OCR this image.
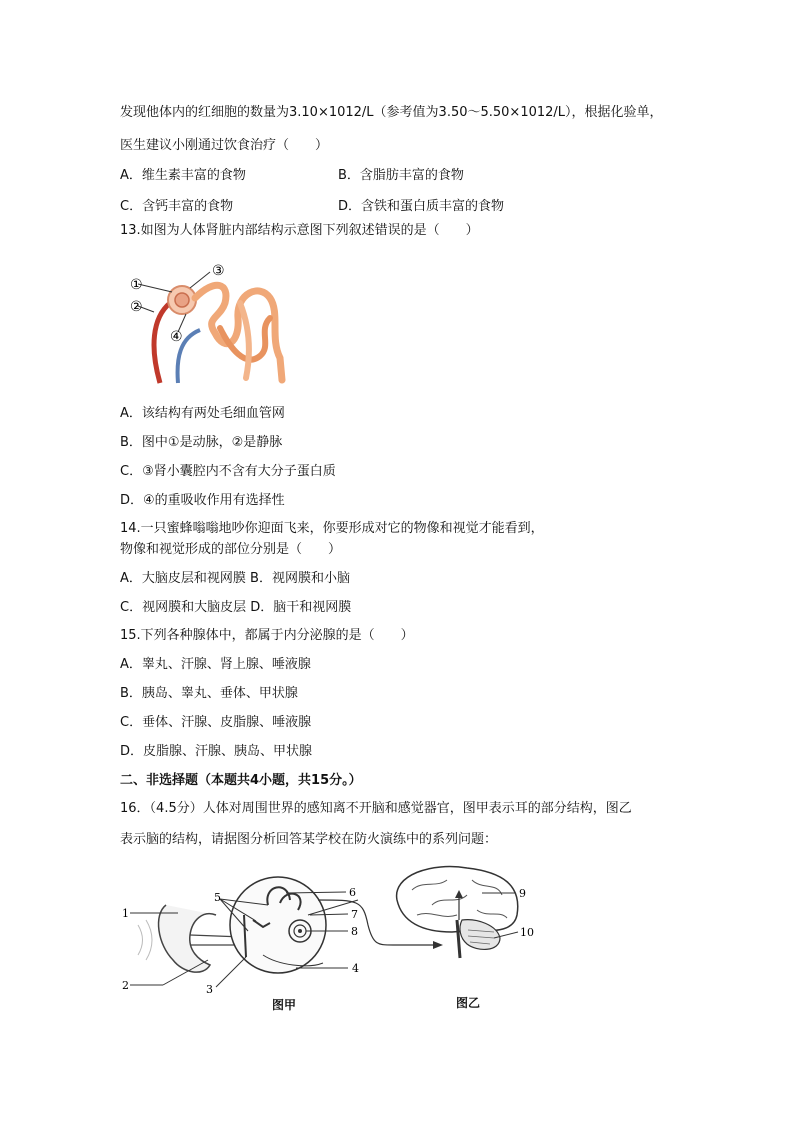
发现他体内的红细胞的数量为3.10×1012/L（参考值为3.50～5.50×1012/L），根据化验单，
医生建议小刚通过饮食治疗（　　）
A．维生素丰富的食物	B．含脂肪丰富的食物
C．含钙丰富的食物	D．含铁和蛋白质丰富的食物
13.如图为人体肾脏内部结构示意图下列叙述错误的是（　　）
①
②
③
④
A．该结构有两处毛细血管网
B．图中①是动脉，②是静脉
C．③肾小囊腔内不含有大分子蛋白质
D．④的重吸收作用有选择性
14.一只蜜蜂嗡嗡地吵你迎面飞来，你要形成对它的物像和视觉才能看到，
物像和视觉形成的部位分别是（　　）
A．大脑皮层和视网膜 B．视网膜和小脑
C．视网膜和大脑皮层 D．脑干和视网膜
15.下列各种腺体中，都属于内分泌腺的是（　　）
A．睾丸、汗腺、肾上腺、唾液腺
B．胰岛、睾丸、垂体、甲状腺
C．垂体、汗腺、皮脂腺、唾液腺
D．皮脂腺、汗腺、胰岛、甲状腺
二、非选择题（本题共4小题，共15分。）
16．（4.5分）人体对周围世界的感知离不开脑和感觉器官，图甲表示耳的部分结构，图乙
表示脑的结构，请据图分析回答某学校在防火演练中的系列问题：
1
2	3
4
5	6
7
8
图甲
9
10
图乙
